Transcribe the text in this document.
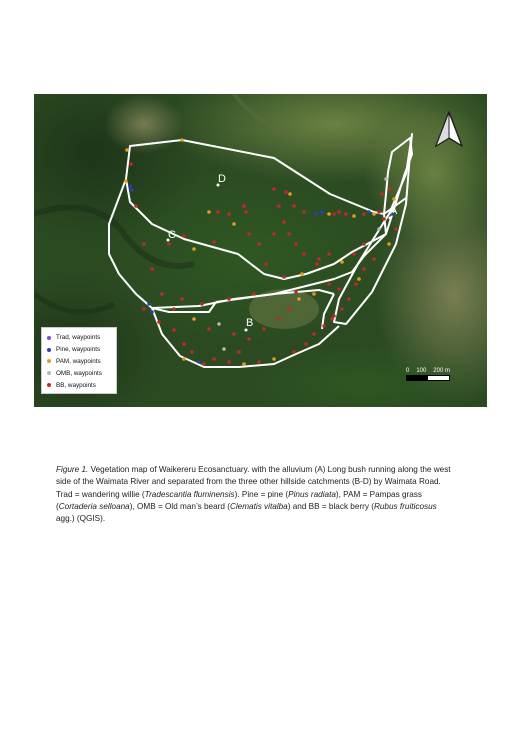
A
B
C
D
0 100 200 m
Trad, waypoints
Pine, waypoints
PAM, waypoints
OMB, waypoints
BB, waypoints
Figure 1. Vegetation map of Waikereru Ecosanctuary. with the alluvium (A) Long bush running along the west side of the Waimata River and separated from the three other hillside catchments (B-D) by Waimata Road. Trad = wandering willie (Tradescantia fluminensis). Pine = pine (Pinus radiata), PAM = Pampas grass (Cortaderia selloana), OMB = Old man’s beard (Clematis vitalba) and BB = black berry (Rubus fruiticosus agg.) (QGIS).
